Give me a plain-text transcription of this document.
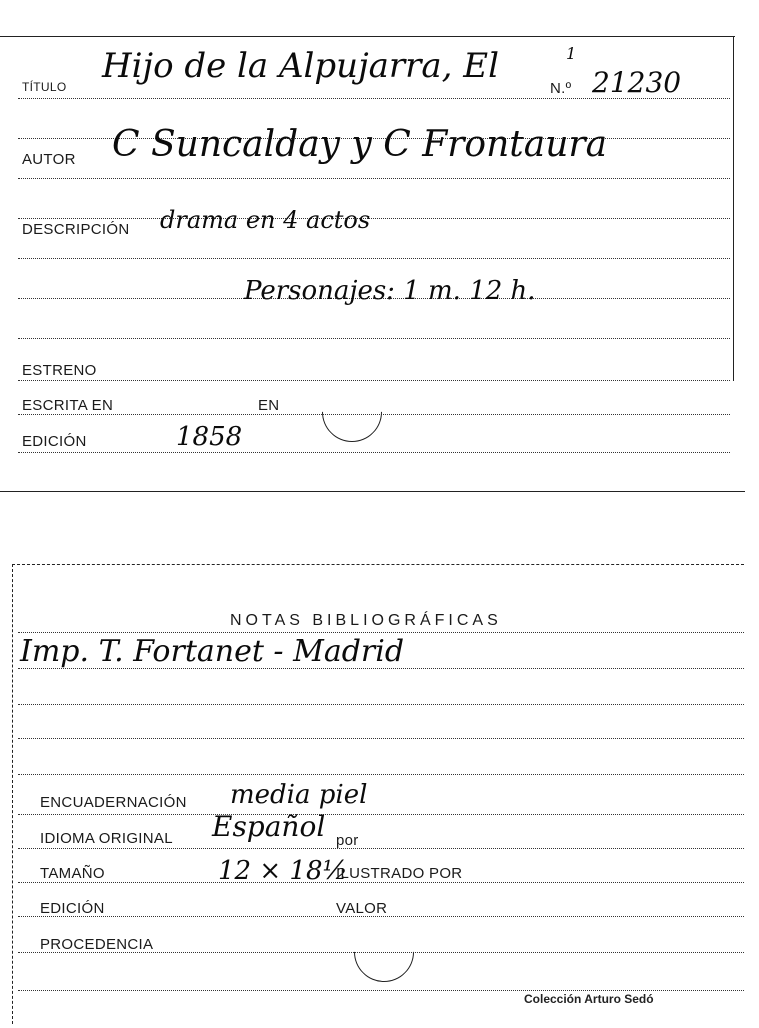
TÍTULO
Hijo de la Alpujarra, El	1
N.º 21230
AUTOR C Suncalday y C Frontaura
DESCRIPCIÓN drama en 4 actos
Personajes: 1 m. 12 h.
ESTRENO
ESCRITA EN	EN
EDICIÓN	1858
NOTAS BIBLIOGRÁFICAS
Imp. T. Fortanet - Madrid
ENCUADERNACIÓN media piel
IDIOMA ORIGINAL Español por
TAMAÑO	12 × 18½
ILUSTRADO POR
EDICIÓN	VALOR
PROCEDENCIA
Colección Arturo Sedó
